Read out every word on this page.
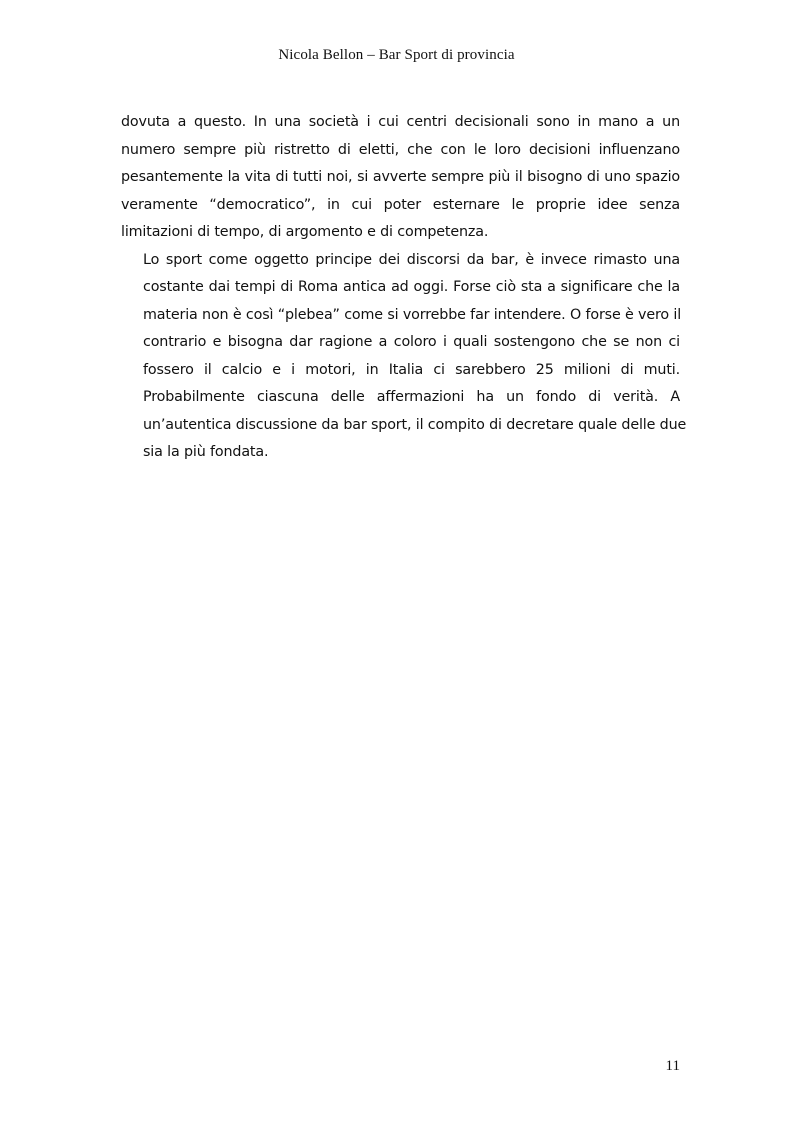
Nicola Bellon – Bar Sport di provincia

dovuta a questo. In una società i cui centri decisionali sono in mano a un
numero sempre più ristretto di eletti, che con le loro decisioni influenzano
pesantemente la vita di tutti noi, si avverte sempre più il bisogno di uno spazio
veramente “democratico”, in cui poter esternare le proprie idee senza
limitazioni di tempo, di argomento e di competenza.

Lo sport come oggetto principe dei discorsi da bar, è invece rimasto una
costante dai tempi di Roma antica ad oggi. Forse ciò sta a significare che la
materia non è così “plebea” come si vorrebbe far intendere. O forse è vero il
contrario e bisogna dar ragione a coloro i quali sostengono che se non ci
fossero il calcio e i motori, in Italia ci sarebbero 25 milioni di muti.
Probabilmente ciascuna delle affermazioni ha un fondo di verità. A
un’autentica discussione da bar sport, il compito di decretare quale delle due
sia la più fondata.

11
